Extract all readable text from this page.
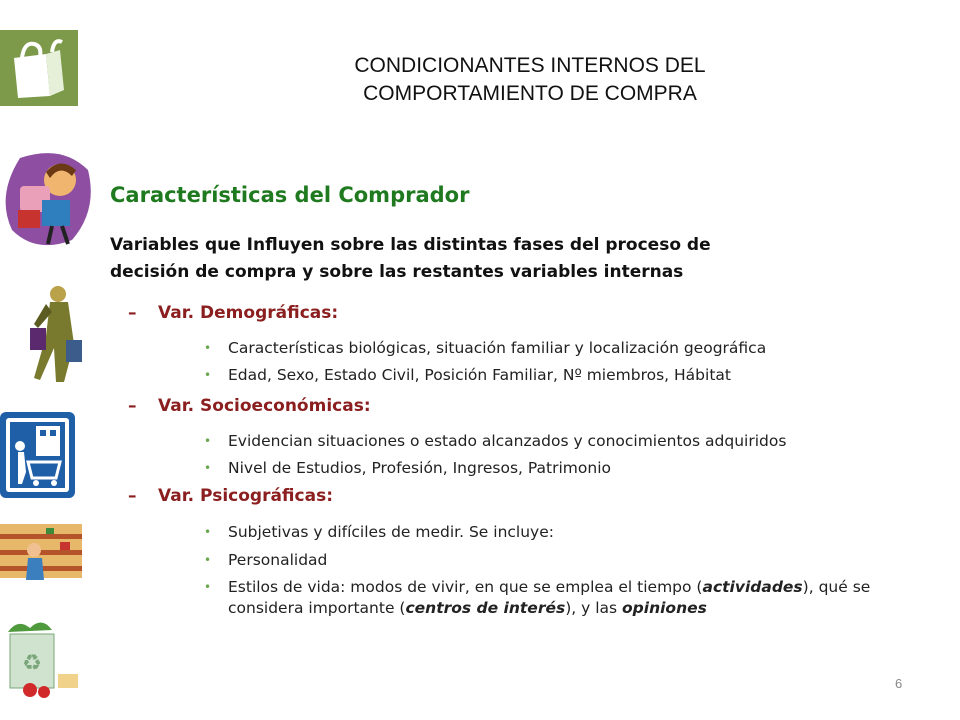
♻
CONDICIONANTES INTERNOS DEL
COMPORTAMIENTO DE COMPRA
Características del Comprador
Variables que Influyen sobre las distintas fases del proceso de
decisión de compra y sobre las restantes variables internas
– Var. Demográficas:
•	Características biológicas, situación familiar y localización geográfica
•	Edad, Sexo, Estado Civil, Posición Familiar, Nº miembros, Hábitat
– Var. Socioeconómicas:
•	Evidencian situaciones o estado alcanzados y conocimientos adquiridos
•	Nivel de Estudios, Profesión, Ingresos, Patrimonio
– Var. Psicográficas:
•	Subjetivas y difíciles de medir. Se incluye:
•	Personalidad
•	Estilos de vida: modos de vivir, en que se emplea el tiempo (actividades), qué se considera importante (centros de interés), y las opiniones
6
